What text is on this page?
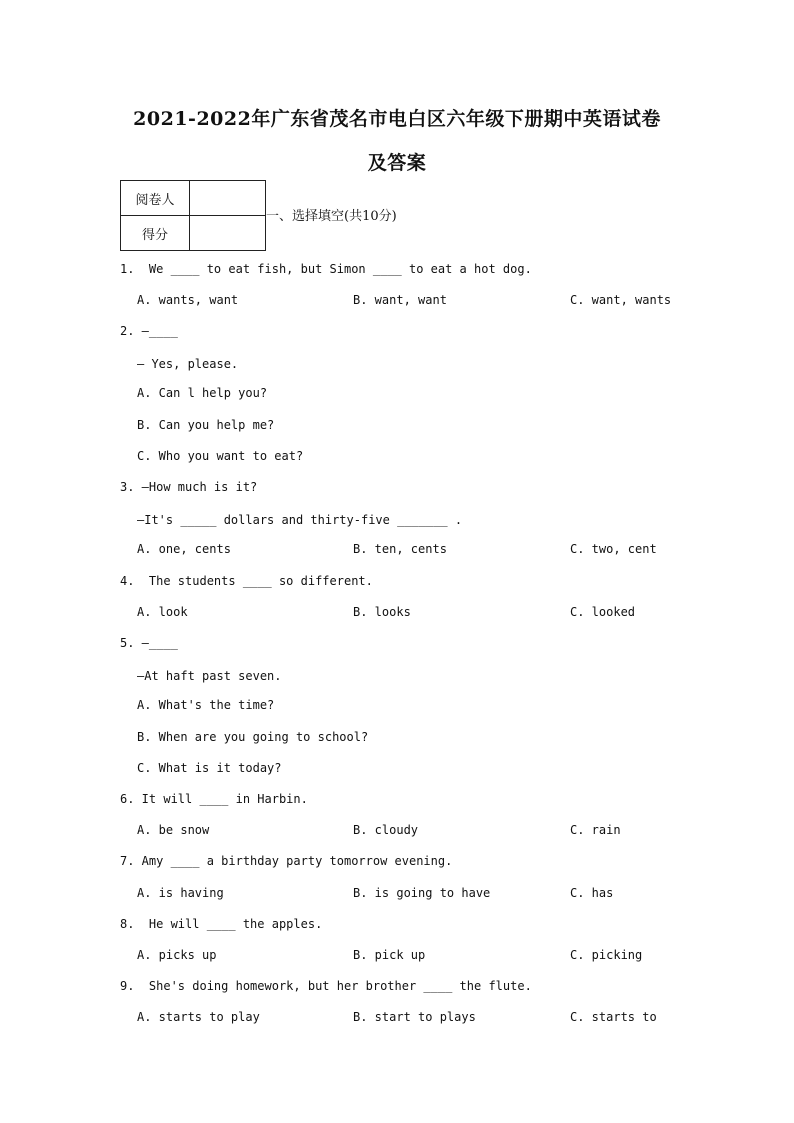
2021-2022年广东省茂名市电白区六年级下册期中英语试卷
及答案
阅卷人	
得分	
一、选择填空(共10分)
1.  We ____ to eat fish, but Simon ____ to eat a hot dog.
A. wants, want	B. want, want	C. want, wants
2. —____
— Yes, please.
A. Can l help you?
B. Can you help me?
C. Who you want to eat?
3. —How much is it?
—It's _____ dollars and thirty-five _______ .
A. one, cents	B. ten, cents	C. two, cent
4.  The students ____ so different.
A. look	B. looks	C. looked
5. —____
—At haft past seven.
A. What's the time?
B. When are you going to school?
C. What is it today?
6. It will ____ in Harbin.
A. be snow	B. cloudy	C. rain
7. Amy ____ a birthday party tomorrow evening.
A. is having	B. is going to have	C. has
8.  He will ____ the apples.
A. picks up	B. pick up	C. picking
9.  She's doing homework, but her brother ____ the flute.
A. starts to play	B. start to plays	C. starts to
